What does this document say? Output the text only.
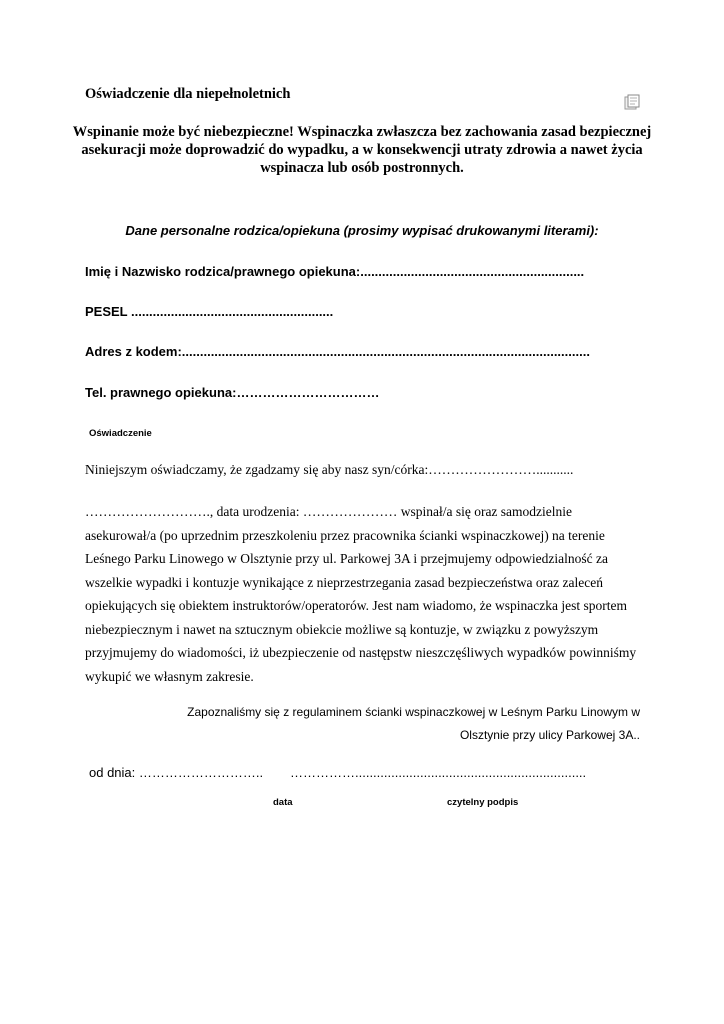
Oświadczenie dla niepełnoletnich
Wspinanie może być niebezpieczne! Wspinaczka zwłaszcza bez zachowania zasad bezpiecznej asekuracji może doprowadzić do wypadku, a w konsekwencji utraty zdrowia a nawet życia wspinacza lub osób postronnych.
Dane personalne rodzica/opiekuna (prosimy wypisać drukowanymi literami):
Imię i Nazwisko rodzica/prawnego opiekuna:..............................................................
PESEL ........................................................
Adres z kodem:.................................................................................................................
Tel. prawnego opiekuna:……………………………
Oświadczenie
Niniejszym oświadczamy, że zgadzamy się aby nasz syn/córka:……………………...........
………………………., data urodzenia: ………………… wspinał/a się oraz samodzielnie
asekurował/a (po uprzednim przeszkoleniu przez pracownika ścianki wspinaczkowej) na terenie
Leśnego Parku Linowego w Olsztynie przy ul. Parkowej 3A i przejmujemy odpowiedzialność za
wszelkie wypadki i kontuzje wynikające z nieprzestrzegania zasad bezpieczeństwa oraz zaleceń
opiekujących się obiektem instruktorów/operatorów. Jest nam wiadomo, że wspinaczka jest sportem
niebezpiecznym i nawet na sztucznym obiekcie możliwe są kontuzje, w związku z powyższym
przyjmujemy do wiadomości, iż ubezpieczenie od następstw nieszczęśliwych wypadków powinniśmy
wykupić we własnym zakresie.
Zapoznaliśmy się z regulaminem ścianki wspinaczkowej w Leśnym Parku Linowym w
Olsztynie przy ulicy Parkowej 3A..
od dnia: ……………………….. ……………................................................................
data	czytelny podpis
